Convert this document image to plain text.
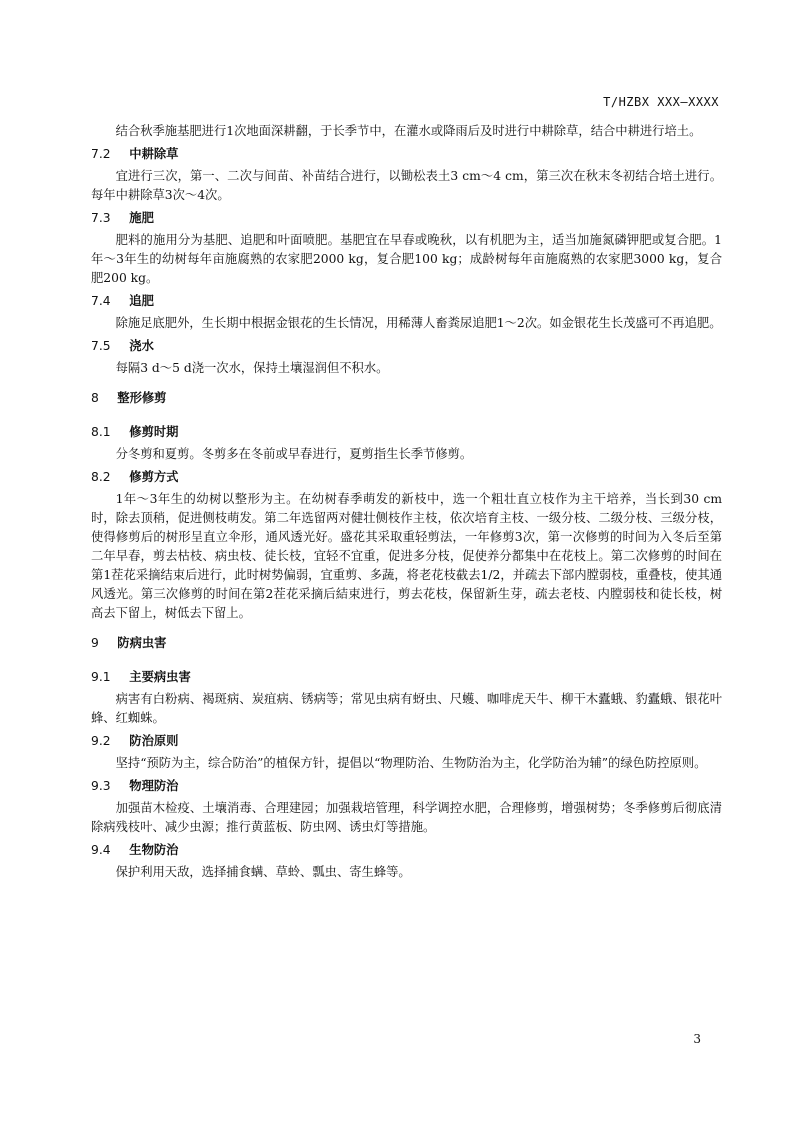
T/HZBX XXX—XXXX

结合秋季施基肥进行1次地面深耕翻，于长季节中，在灌水或降雨后及时进行中耕除草，结合中耕进行培土。

7.2 中耕除草

宜进行三次，第一、二次与间苗、补苗结合进行，以锄松表土3 cm～4 cm，第三次在秋末冬初结合培土进行。每年中耕除草3次～4次。

7.3 施肥

肥料的施用分为基肥、追肥和叶面喷肥。基肥宜在早春或晚秋，以有机肥为主，适当加施氮磷钾肥或复合肥。1年～3年生的幼树每年亩施腐熟的农家肥2000 kg，复合肥100 kg；成龄树每年亩施腐熟的农家肥3000 kg，复合肥200 kg。

7.4 追肥

除施足底肥外，生长期中根据金银花的生长情况，用稀薄人畜粪尿追肥1～2次。如金银花生长茂盛可不再追肥。

7.5 浇水

每隔3 d～5 d浇一次水，保持土壤湿润但不积水。

8 整形修剪
8.1 修剪时期

分冬剪和夏剪。冬剪多在冬前或早春进行，夏剪指生长季节修剪。

8.2 修剪方式

1年～3年生的幼树以整形为主。在幼树春季萌发的新枝中，选一个粗壮直立枝作为主干培养，当长到30 cm时，除去顶稍，促进侧枝萌发。第二年选留两对健壮侧枝作主枝，依次培育主枝、一级分枝、二级分枝、三级分枝，使得修剪后的树形呈直立伞形，通风透光好。盛花其采取重轻剪法，一年修剪3次，第一次修剪的时间为入冬后至第二年早春，剪去枯枝、病虫枝、徒长枝，宜轻不宜重，促进多分枝，促使养分都集中在花枝上。第二次修剪的时间在第1茬花采摘结束后进行，此时树势偏弱，宜重剪、多蔬，将老花枝截去1/2，并疏去下部内膛弱枝，重叠枝，使其通风透光。第三次修剪的时间在第2茬花采摘后結束进行，剪去花枝，保留新生芽，疏去老枝、内膛弱枝和徒长枝，树高去下留上，树低去下留上。

9 防病虫害
9.1 主要病虫害

病害有白粉病、褐斑病、炭疽病、锈病等；常见虫病有蚜虫、尺蠖、咖啡虎天牛、柳干木蠹蛾、豹蠹蛾、银花叶蜂、红蜘蛛。

9.2 防治原则

坚持“预防为主，综合防治”的植保方针，提倡以“物理防治、生物防治为主，化学防治为辅”的绿色防控原则。

9.3 物理防治

加强苗木检疫、土壤消毒、合理建园；加强栽培管理，科学调控水肥，合理修剪，增强树势；冬季修剪后彻底清除病残枝叶、减少虫源；推行黄蓝板、防虫网、诱虫灯等措施。

9.4 生物防治

保护利用天敌，选择捕食螨、草蛉、瓢虫、寄生蜂等。

3
